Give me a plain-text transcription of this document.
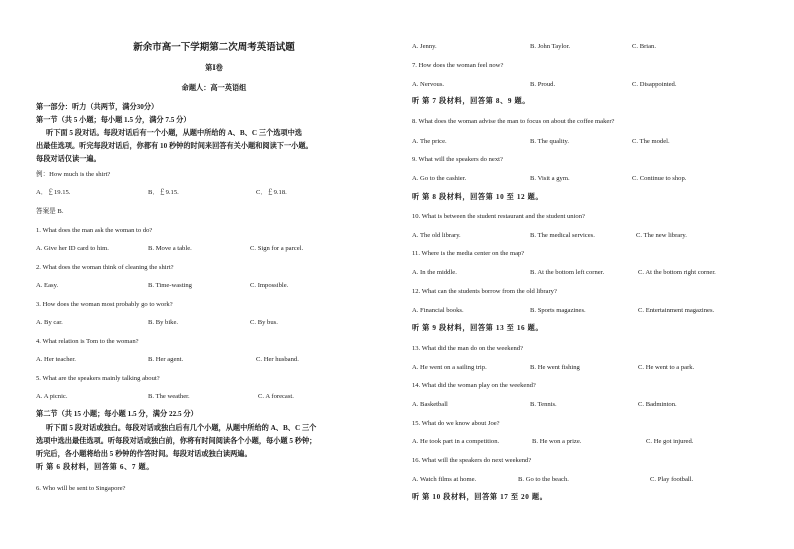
新余市高一下学期第二次周考英语试题
第Ⅰ卷
命题人：高一英语组
第一部分：听力（共两节，满分30分）
第一节（共 5 小题；每小题 1.5 分，满分 7.5 分）
听下面 5 段对话。每段对话后有一个小题，从题中所给的 A、B、C 三个选项中选
出最佳选项。听完每段对话后，你都有 10 秒钟的时间来回答有关小题和阅读下一小题。
每段对话仅读一遍。
例：How much is the shirt?
A．￡19.15.	B．￡9.15.	C．￡9.18.
答案是 B.
1. What does the man ask the woman to do?
A. Give her ID card to him.	B. Move a table.	C. Sign for a parcel.
2. What does the woman think of cleaning the shirt?
A. Easy.	B. Time-wasting	C. Impossible.
3. How does the woman most probably go to work?
A. By car.	B. By bike.	C. By bus.
4. What relation is Tom to the woman?
A. Her teacher.	B. Her agent.	C. Her husband.
5. What are the speakers mainly talking about?
A. A picnic.	B. The weather.	C. A forecast.
第二节（共 15 小题；每小题 1.5 分，满分 22.5 分）
听下面 5 段对话或独白。每段对话或独白后有几个小题，从题中所给的 A、B、C 三个
选项中选出最佳选项。听每段对话或独白前，你将有时间阅读各个小题，每小题 5 秒钟；
听完后，各小题将给出 5 秒钟的作答时间。每段对话或独白读两遍。
听 第 6 段材料，回答第 6、7 题。
6. Who will be sent to Singapore?
A. Jenny.	B. John Taylor.	C. Brian.
7. How does the woman feel now?
A. Nervous.	B. Proud.	C. Disappointed.
听 第 7 段材料，回答第 8、9 题。
8. What does the woman advise the man to focus on about the coffee maker?
A. The price.	B. The quality.	C. The model.
9. What will the speakers do next?
A. Go to the cashier.	B. Visit a gym.	C. Continue to shop.
听 第 8 段材料，回答第 10 至 12 题。
10. What is between the student restaurant and the student union?
A. The old library.	B. The medical services.	C. The new library.
11. Where is the media center on the map?
A. In the middle.	B. At the bottom left corner.	C. At the bottom right corner.
12. What can the students borrow from the old library?
A. Financial books.	B. Sports magazines.	C. Entertainment magazines.
听 第 9 段材料，回答第 13 至 16 题。
13. What did the man do on the weekend?
A. He went on a sailing trip.	B. He went fishing	C. He went to a park.
14. What did the woman play on the weekend?
A. Basketball	B. Tennis.	C. Badminton.
15. What do we know about Joe?
A. He took part in a competition.	B. He won a prize.	C. He got injured.
16. What will the speakers do next weekend?
A. Watch films at home.	B. Go to the beach.	C. Play football.
听 第 10 段材料，回答第 17 至 20 题。
